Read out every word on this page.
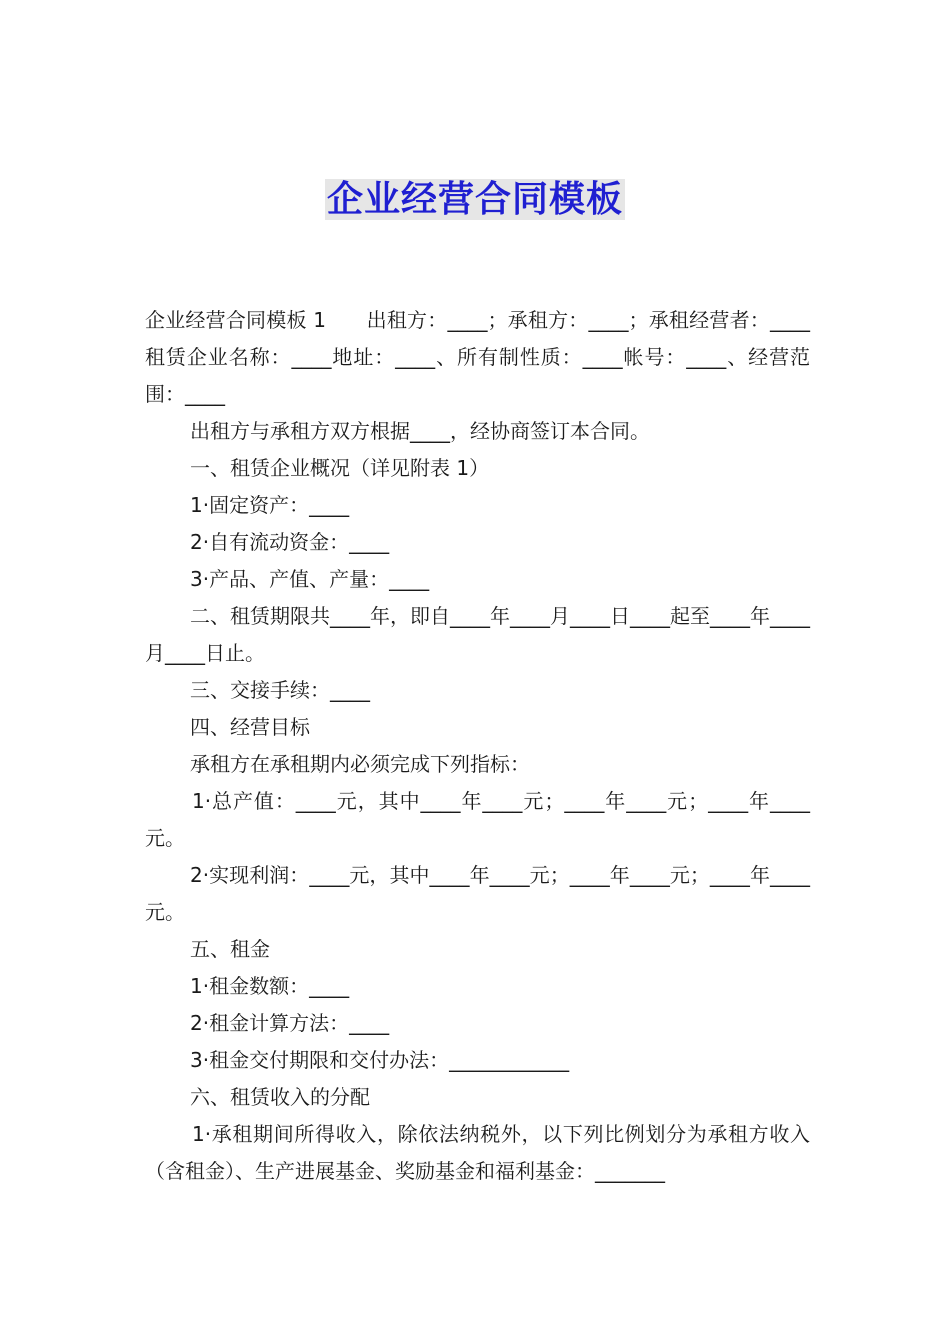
企业经营合同模板

企业经营合同模板 1　　出租方：____；承租方：____；承租经营者：____租赁企业名称：____地址：____、所有制性质：____帐号：____、经营范围：____

出租方与承租方双方根据____，经协商签订本合同。

一、租赁企业概况（详见附表 1）

1·固定资产：____

2·自有流动资金：____

3·产品、产值、产量：____

二、租赁期限共____年，即自____年____月____日____起至____年____月____日止。

三、交接手续：____

四、经营目标

承租方在承租期内必须完成下列指标：

1·总产值：____元，其中____年____元；____年____元；____年____元。

2·实现利润：____元，其中____年____元；____年____元；____年____元。

五、租金

1·租金数额：____

2·租金计算方法：____

3·租金交付期限和交付办法：____________

六、租赁收入的分配

1·承租期间所得收入，除依法纳税外，以下列比例划分为承租方收入（含租金）、生产进展基金、奖励基金和福利基金：_______
